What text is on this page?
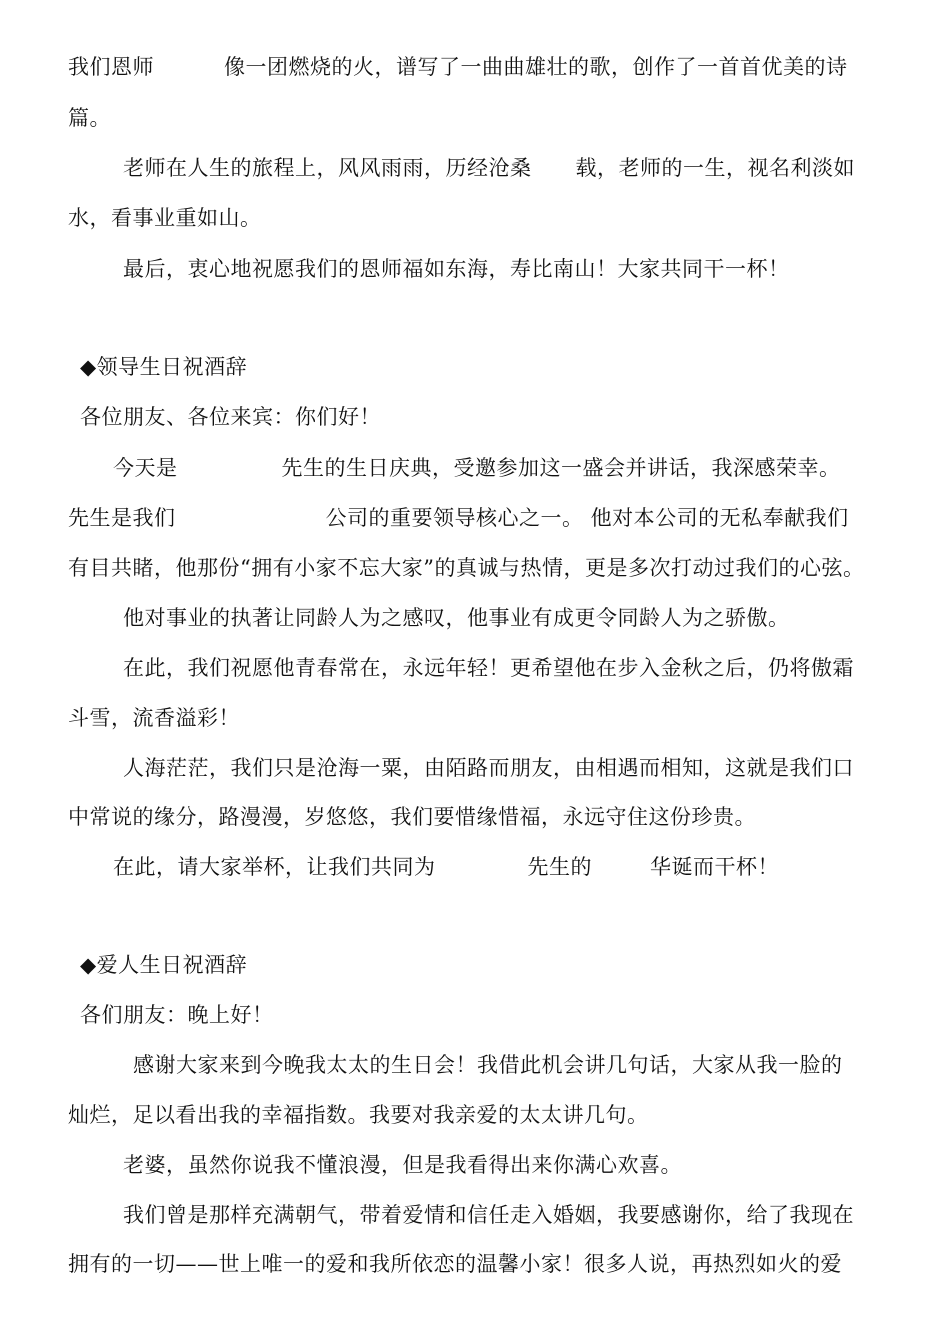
我们恩师	像一团燃烧的火，谱写了一曲曲雄壮的歌，创作了一首首优美的诗
篇。
老师在人生的旅程上，风风雨雨，历经沧桑 载，老师的一生，视名利淡如
水，看事业重如山。
最后，衷心地祝愿我们的恩师福如东海，寿比南山！大家共同干一杯！
◆领导生日祝酒辞
各位朋友、各位来宾：你们好！
今天是	先生的生日庆典，受邀参加这一盛会并讲话，我深感荣幸。
先生是我们	公司的重要领导核心之一。 他对本公司的无私奉献我们
有目共睹，他那份“拥有小家不忘大家”的真诚与热情，更是多次打动过我们的心弦。
他对事业的执著让同龄人为之感叹，他事业有成更令同龄人为之骄傲。
在此，我们祝愿他青春常在，永远年轻！更希望他在步入金秋之后，仍将傲霜
斗雪，流香溢彩！
人海茫茫，我们只是沧海一粟，由陌路而朋友，由相遇而相知，这就是我们口
中常说的缘分，路漫漫，岁悠悠，我们要惜缘惜福，永远守住这份珍贵。
在此，请大家举杯，让我们共同为	先生的	华诞而干杯！
◆爱人生日祝酒辞
各们朋友：晚上好！
感谢大家来到今晚我太太的生日会！我借此机会讲几句话，大家从我一脸的
灿烂，足以看出我的幸福指数。我要对我亲爱的太太讲几句。
老婆，虽然你说我不懂浪漫，但是我看得出来你满心欢喜。
我们曾是那样充满朝气，带着爱情和信任走入婚姻，我要感谢你，给了我现在
拥有的一切——世上唯一的爱和我所依恋的温馨小家！很多人说，再热烈如火的爱
